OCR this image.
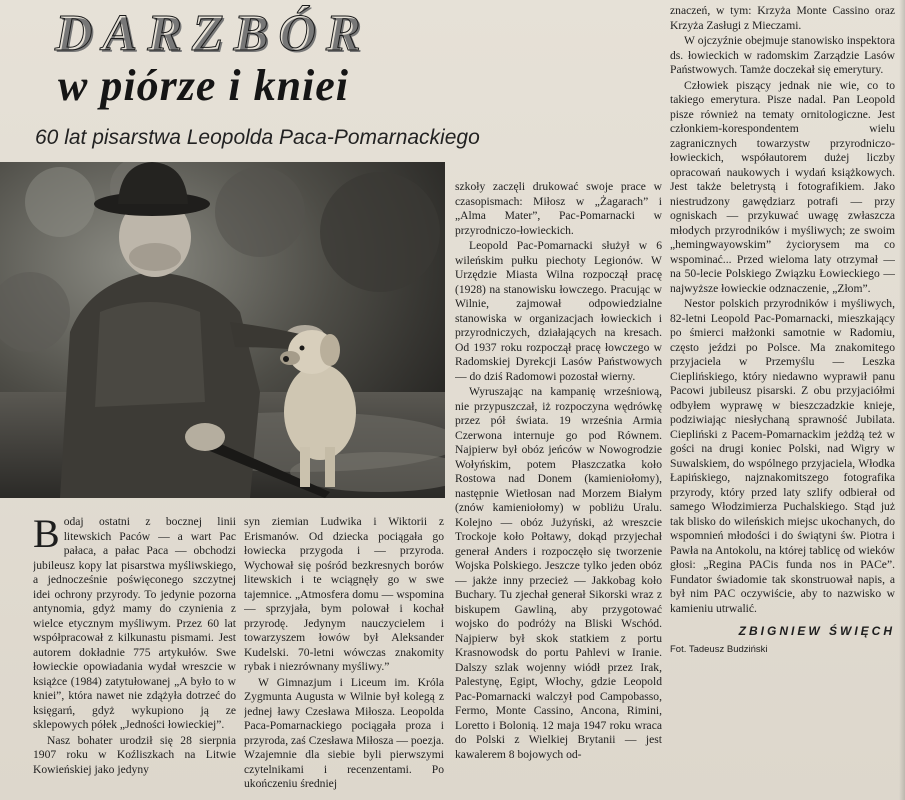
DARZBÓR
w piórze i kniei
60 lat pisarstwa Leopolda Paca-Pomarnackiego

Bodaj ostatni z bocznej linii litewskich Paców — a wart Pac pałaca, a pałac Paca — obchodzi jubileusz kopy lat pisarstwa myśliwskiego, a jednocześnie poświęconego szczytnej idei ochrony przyrody. To jedynie pozorna antynomia, gdyż mamy do czynienia z wielce etycznym myśliwym. Przez 60 lat współpracował z kilkunastu pismami. Jest autorem dokładnie 775 artykułów. Swe łowieckie opowiadania wydał wreszcie w książce (1984) zatytułowanej „A było to w kniei”, która nawet nie zdążyła dotrzeć do księgarń, gdyż wykupiono ją ze sklepowych półek „Jedności łowieckiej”.

Nasz bohater urodził się 28 sierpnia 1907 roku w Koźliszkach na Litwie Kowieńskiej jako jedyny

syn ziemian Ludwika i Wiktorii z Erismanów. Od dziecka pociągała go łowiecka przygoda i — przyroda. Wychował się pośród bezkresnych borów litewskich i te wciągnęły go w swe tajemnice. „Atmosfera domu — wspomina — sprzyjała, bym polował i kochał przyrodę. Jedynym nauczycielem i towarzyszem łowów był Aleksander Kudelski. 70-letni wówczas znakomity rybak i niezrównany myśliwy.”

W Gimnazjum i Liceum im. Króla Zygmunta Augusta w Wilnie był kolegą z jednej ławy Czesława Miłosza. Leopolda Paca-Pomarnackiego pociągała proza i przyroda, zaś Czesława Miłosza — poezja. Wzajemnie dla siebie byli pierwszymi czytelnikami i recenzentami. Po ukończeniu średniej

szkoły zaczęli drukować swoje prace w czasopismach: Miłosz w „Żagarach” i „Alma Mater”, Pac-Pomarnacki w przyrodniczo-łowieckich.

Leopold Pac-Pomarnacki służył w 6 wileńskim pułku piechoty Legionów. W Urzędzie Miasta Wilna rozpoczął pracę (1928) na stanowisku łowczego. Pracując w Wilnie, zajmował odpowiedzialne stanowiska w organizacjach łowieckich i przyrodniczych, działających na kresach. Od 1937 roku rozpoczął pracę łowczego w Radomskiej Dyrekcji Lasów Państwowych — do dziś Radomowi pozostał wierny.

Wyruszając na kampanię wrześniową, nie przypuszczał, iż rozpoczyna wędrówkę przez pół świata. 19 września Armia Czerwona internuje go pod Równem. Najpierw był obóz jeńców w Nowogrodzie Wołyńskim, potem Płaszczatka koło Rostowa nad Donem (kamieniołomy), następnie Wietłosan nad Morzem Białym (znów kamieniołomy) w pobliżu Uralu. Kolejno — obóz Jużyński, aż wreszcie Trockoje koło Połtawy, dokąd przyjechał generał Anders i rozpoczęło się tworzenie Wojska Polskiego. Jeszcze tylko jeden obóz — jakże inny przecież — Jakkobag koło Buchary. Tu zjechał generał Sikorski wraz z biskupem Gawliną, aby przygotować wojsko do podróży na Bliski Wschód. Najpierw był skok statkiem z portu Krasnowodsk do portu Pahlevi w Iranie. Dalszy szlak wojenny wiódł przez Irak, Palestynę, Egipt, Włochy, gdzie Leopold Pac-Pomarnacki walczył pod Campobasso, Fermo, Monte Cassino, Ancona, Rimini, Loretto i Bolonią. 12 maja 1947 roku wraca do Polski z Wielkiej Brytanii — jest kawalerem 8 bojowych od-

znaczeń, w tym: Krzyża Monte Cassino oraz Krzyża Zasługi z Mieczami.

W ojczyźnie obejmuje stanowisko inspektora ds. łowieckich w radomskim Zarządzie Lasów Państwowych. Tamże doczekał się emerytury.

Człowiek piszący jednak nie wie, co to takiego emerytura. Pisze nadal. Pan Leopold pisze również na tematy ornitologiczne. Jest członkiem-korespondentem wielu zagranicznych towarzystw przyrodniczo-łowieckich, współautorem dużej liczby opracowań naukowych i wydań książkowych. Jest także beletrystą i fotografikiem. Jako niestrudzony gawędziarz potrafi — przy ogniskach — przykuwać uwagę zwłaszcza młodych przyrodników i myśliwych; ze swoim „hemingwayowskim” życiorysem ma co wspominać... Przed wieloma laty otrzymał — na 50-lecie Polskiego Związku Łowieckiego — najwyższe łowieckie odznaczenie, „Złom”.

Nestor polskich przyrodników i myśliwych, 82-letni Leopold Pac-Pomarnacki, mieszkający po śmierci małżonki samotnie w Radomiu, często jeździ po Polsce. Ma znakomitego przyjaciela w Przemyślu — Leszka Cieplińskiego, który niedawno wyprawił panu Pacowi jubileusz pisarski. Z obu przyjaciółmi odbyłem wyprawę w bieszczadzkie knieje, podziwiając niesłychaną sprawność Jubilata. Ciepliński z Pacem-Pomarnackim jeżdżą też w gości na drugi koniec Polski, nad Wigry w Suwalskiem, do wspólnego przyjaciela, Włodka Łapińskiego, najznakomitszego fotografika przyrody, który przed laty szlify odbierał od samego Włodzimierza Puchalskiego. Stąd już tak blisko do wileńskich miejsc ukochanych, do wspomnień młodości i do świątyni św. Piotra i Pawła na Antokolu, na której tablicę od wieków głosi: „Regina PACis funda nos in PACe”. Fundator świadomie tak skonstruował napis, a był nim PAC oczywiście, aby to nazwisko w kamieniu utrwalić.

ZBIGNIEW ŚWIĘCH
Fot. Tadeusz Budziński
